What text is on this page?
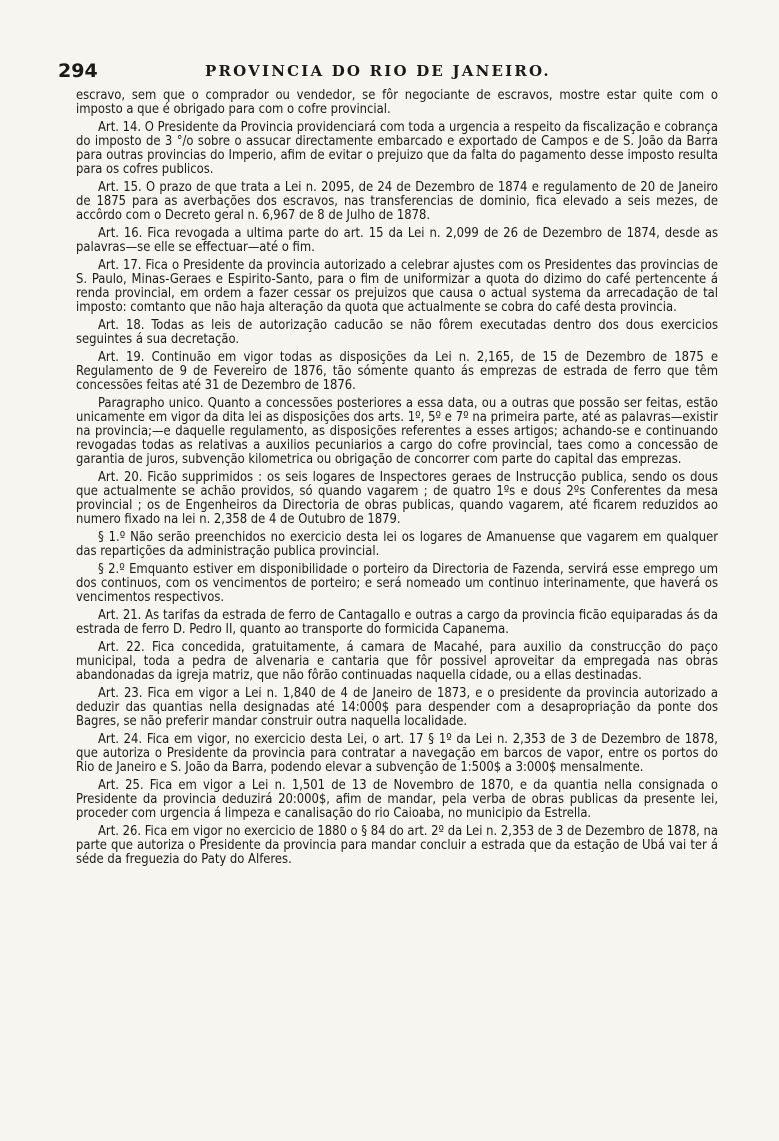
294	PROVINCIA DO RIO DE JANEIRO.

escravo, sem que o comprador ou vendedor, se fôr negociante de escravos, mostre estar quite com o imposto a que é obrigado para com o cofre provincial.

Art. 14. O Presidente da Provincia providenciará com toda a urgencia a respeito da fiscalização e cobrança do imposto de 3 °/o sobre o assucar directamente embarcado e exportado de Campos e de S. João da Barra para outras provincias do Imperio, afim de evitar o prejuizo que da falta do pagamento desse imposto resulta para os cofres publicos.

Art. 15. O prazo de que trata a Lei n. 2095, de 24 de Dezembro de 1874 e regulamento de 20 de Janeiro de 1875 para as averbações dos escravos, nas transferencias de dominio, fica elevado a seis mezes, de accôrdo com o Decreto geral n. 6,967 de 8 de Julho de 1878.

Art. 16. Fica revogada a ultima parte do art. 15 da Lei n. 2,099 de 26 de Dezembro de 1874, desde as palavras—se elle se effectuar—até o fim.

Art. 17. Fica o Presidente da provincia autorizado a celebrar ajustes com os Presidentes das provincias de S. Paulo, Minas-Geraes e Espirito-Santo, para o fim de uniformizar a quota do dizimo do café pertencente á renda provincial, em ordem a fazer cessar os prejuizos que causa o actual systema da arrecadação de tal imposto: comtanto que não haja alteração da quota que actualmente se cobra do café desta provincia.

Art. 18. Todas as leis de autorização caducão se não fôrem executadas dentro dos dous exercicios seguintes á sua decretação.

Art. 19. Continuão em vigor todas as disposições da Lei n. 2,165, de 15 de Dezembro de 1875 e Regulamento de 9 de Fevereiro de 1876, tão sómente quanto ás emprezas de estrada de ferro que têm concessões feitas até 31 de Dezembro de 1876.

Paragrapho unico. Quanto a concessões posteriores a essa data, ou a outras que possão ser feitas, estão unicamente em vigor da dita lei as disposições dos arts. 1º, 5º e 7º na primeira parte, até as palavras—existir na provincia;—e daquelle regulamento, as disposições referentes a esses artigos; achando-se e continuando revogadas todas as relativas a auxilios pecuniarios a cargo do cofre provincial, taes como a concessão de garantia de juros, subvenção kilometrica ou obrigação de concorrer com parte do capital das emprezas.

Art. 20. Ficão supprimidos : os seis logares de Inspectores geraes de Instrucção publica, sendo os dous que actualmente se achão providos, só quando vagarem ; de quatro 1ºs e dous 2ºs Conferentes da mesa provincial ; os de Engenheiros da Directoria de obras publicas, quando vagarem, até ficarem reduzidos ao numero fixado na lei n. 2,358 de 4 de Outubro de 1879.

§ 1.º Não serão preenchidos no exercicio desta lei os logares de Amanuense que vagarem em qualquer das repartições da administração publica provincial.

§ 2.º Emquanto estiver em disponibilidade o porteiro da Directoria de Fazenda, servirá esse emprego um dos continuos, com os vencimentos de porteiro; e será nomeado um continuo interinamente, que haverá os vencimentos respectivos.

Art. 21. As tarifas da estrada de ferro de Cantagallo e outras a cargo da provincia ficão equiparadas ás da estrada de ferro D. Pedro II, quanto ao transporte do formicida Capanema.

Art. 22. Fica concedida, gratuitamente, á camara de Macahé, para auxilio da construcção do paço municipal, toda a pedra de alvenaria e cantaria que fôr possivel aproveitar da empregada nas obras abandonadas da igreja matriz, que não fôrão continuadas naquella cidade, ou a ellas destinadas.

Art. 23. Fica em vigor a Lei n. 1,840 de 4 de Janeiro de 1873, e o presidente da provincia autorizado a deduzir das quantias nella designadas até 14:000$ para despender com a desapropriação da ponte dos Bagres, se não preferir mandar construir outra naquella localidade.

Art. 24. Fica em vigor, no exercicio desta Lei, o art. 17 § 1º da Lei n. 2,353 de 3 de Dezembro de 1878, que autoriza o Presidente da provincia para contratar a navegação em barcos de vapor, entre os portos do Rio de Janeiro e S. João da Barra, podendo elevar a subvenção de 1:500$ a 3:000$ mensalmente.

Art. 25. Fica em vigor a Lei n. 1,501 de 13 de Novembro de 1870, e da quantia nella consignada o Presidente da provincia deduzirá 20:000$, afim de mandar, pela verba de obras publicas da presente lei, proceder com urgencia á limpeza e canalisação do rio Caioaba, no municipio da Estrella.

Art. 26. Fica em vigor no exercicio de 1880 o § 84 do art. 2º da Lei n. 2,353 de 3 de Dezembro de 1878, na parte que autoriza o Presidente da provincia para mandar concluir a estrada que da estação de Ubá vai ter á séde da freguezia do Paty do Alferes.
